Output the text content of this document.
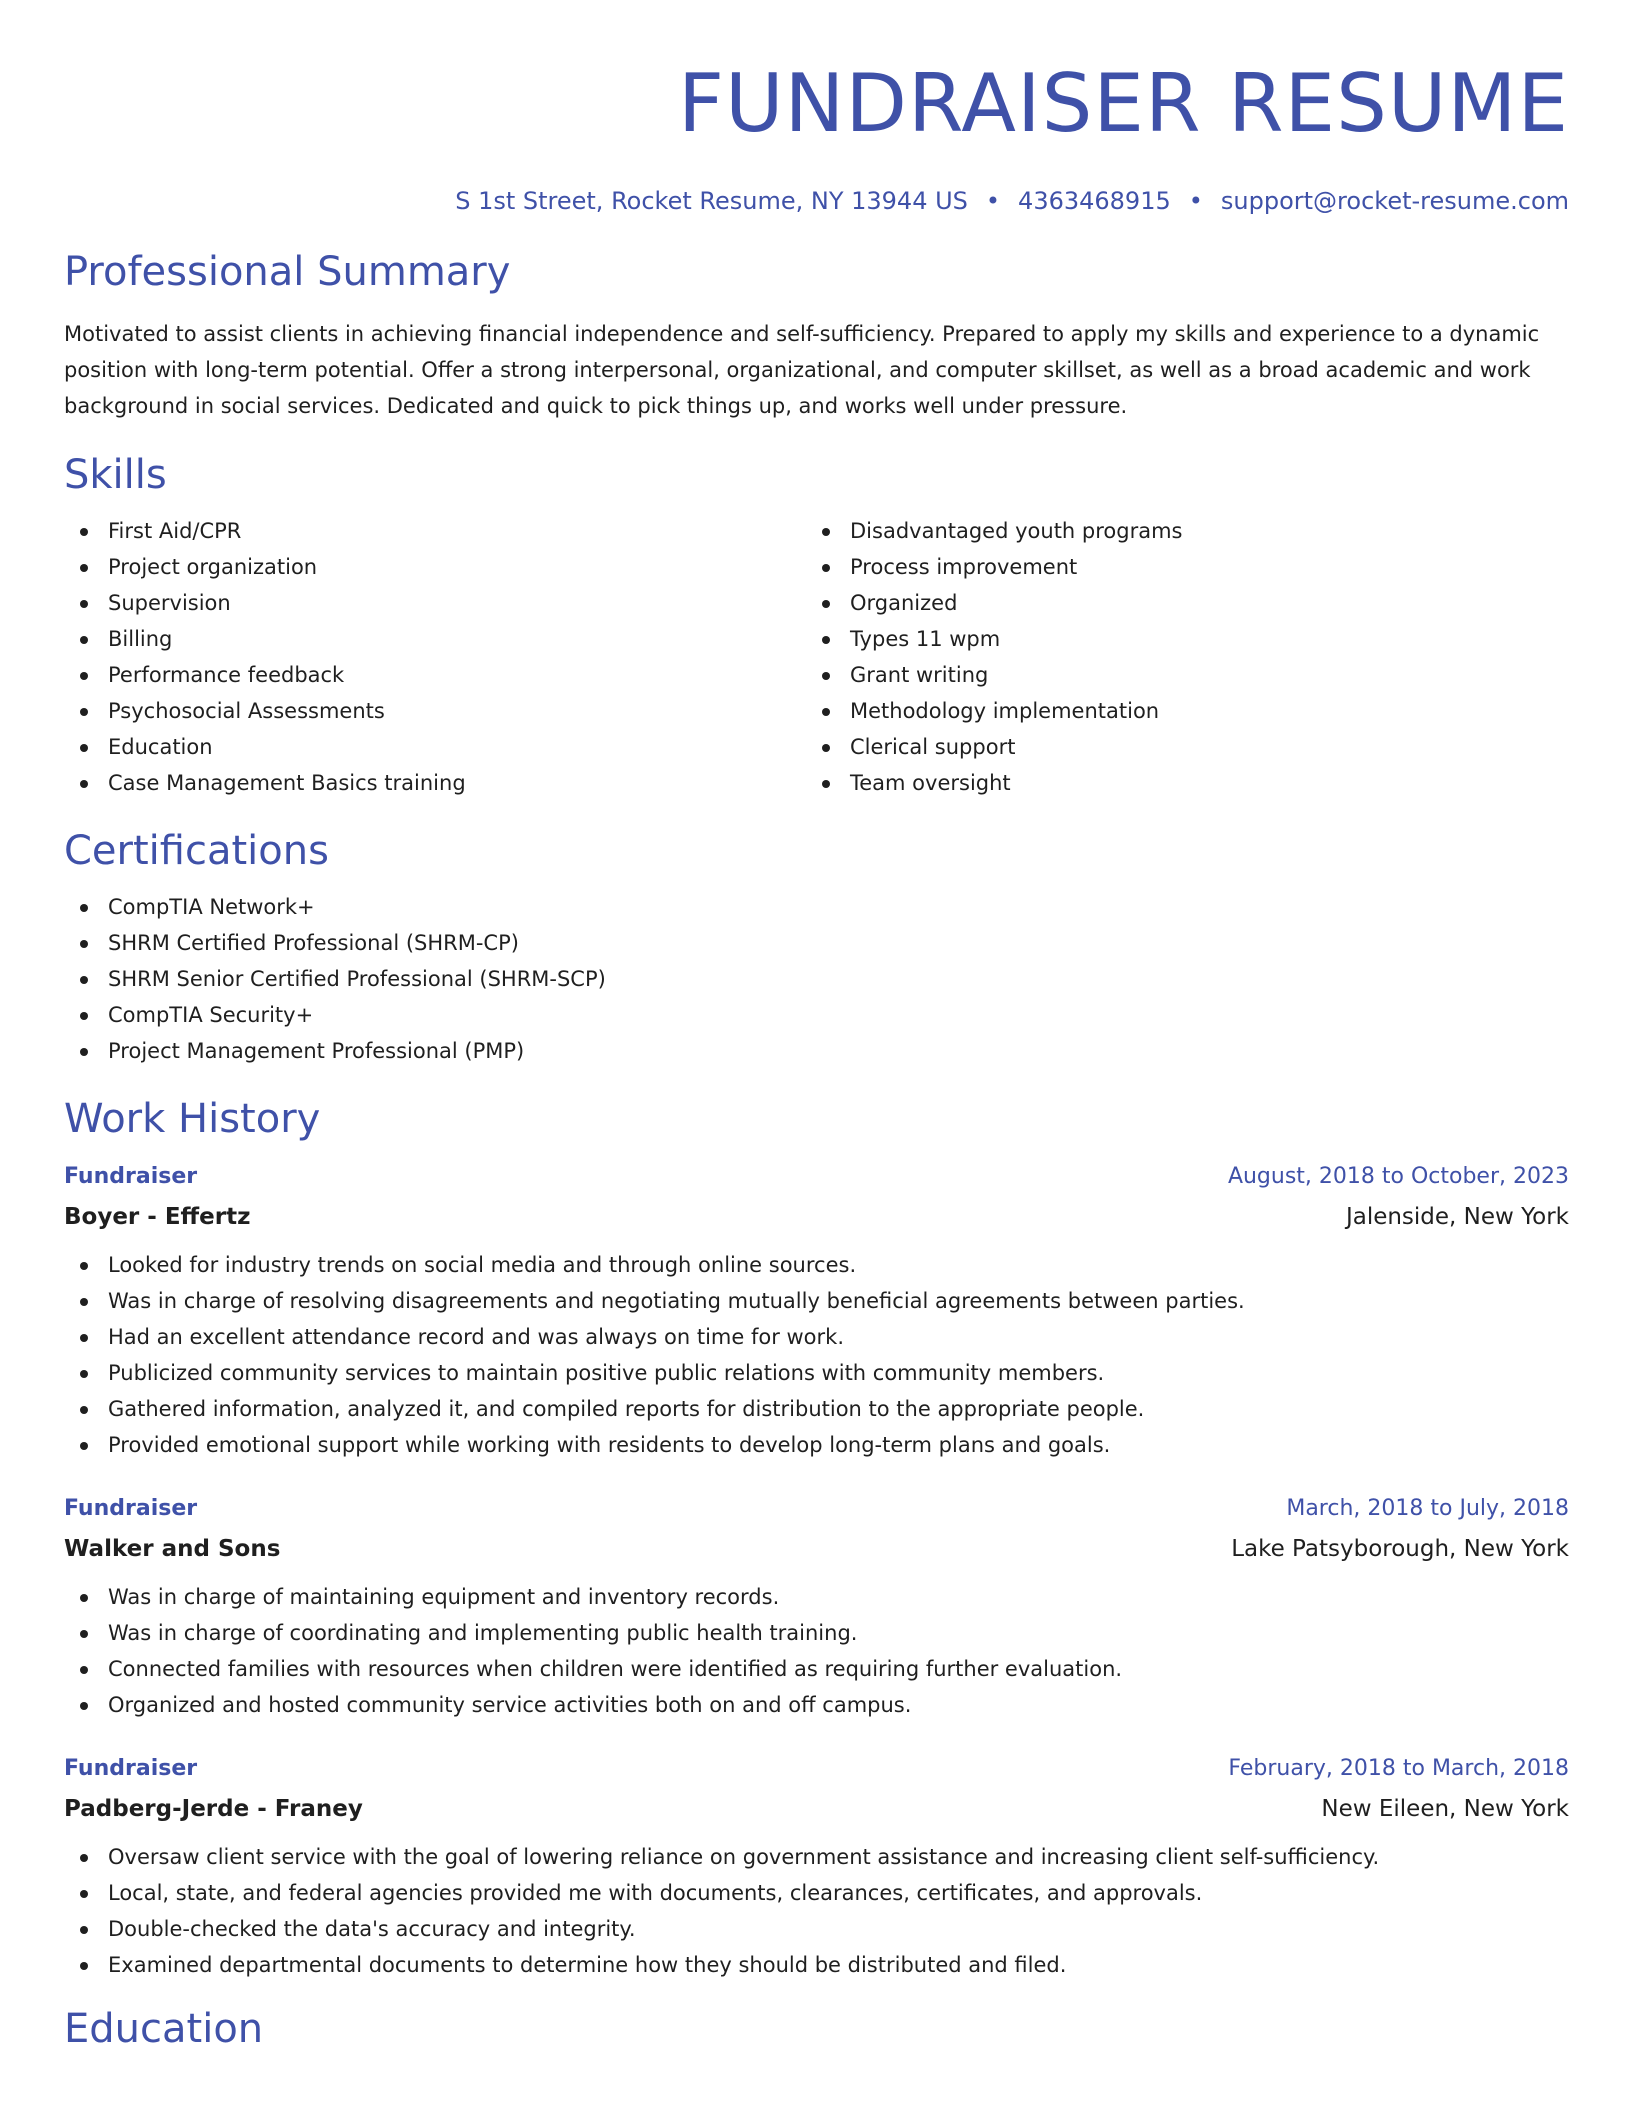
FUNDRAISER RESUME
S 1st Street, Rocket Resume, NY 13944 US • 4363468915 • support@rocket-resume.com
Professional Summary

Motivated to assist clients in achieving financial independence and self-sufficiency. Prepared to apply my skills and experience to a dynamic position with long-term potential. Offer a strong interpersonal, organizational, and computer skillset, as well as a broad academic and work background in social services. Dedicated and quick to pick things up, and works well under pressure.

Skills
First Aid/CPR
Project organization
Supervision
Billing
Performance feedback
Psychosocial Assessments
Education
Case Management Basics training
Disadvantaged youth programs
Process improvement
Organized
Types 11 wpm
Grant writing
Methodology implementation
Clerical support
Team oversight
Certifications
CompTIA Network+
SHRM Certified Professional (SHRM-CP)
SHRM Senior Certified Professional (SHRM-SCP)
CompTIA Security+
Project Management Professional (PMP)
Work History
Fundraiser	August, 2018 to October, 2023
Boyer - Effertz	Jalenside, New York
Looked for industry trends on social media and through online sources.
Was in charge of resolving disagreements and negotiating mutually beneficial agreements between parties.
Had an excellent attendance record and was always on time for work.
Publicized community services to maintain positive public relations with community members.
Gathered information, analyzed it, and compiled reports for distribution to the appropriate people.
Provided emotional support while working with residents to develop long-term plans and goals.
Fundraiser	March, 2018 to July, 2018
Walker and Sons	Lake Patsyborough, New York
Was in charge of maintaining equipment and inventory records.
Was in charge of coordinating and implementing public health training.
Connected families with resources when children were identified as requiring further evaluation.
Organized and hosted community service activities both on and off campus.
Fundraiser	February, 2018 to March, 2018
Padberg-Jerde - Franey	New Eileen, New York
Oversaw client service with the goal of lowering reliance on government assistance and increasing client self-sufficiency.
Local, state, and federal agencies provided me with documents, clearances, certificates, and approvals.
Double-checked the data's accuracy and integrity.
Examined departmental documents to determine how they should be distributed and filed.
Education
